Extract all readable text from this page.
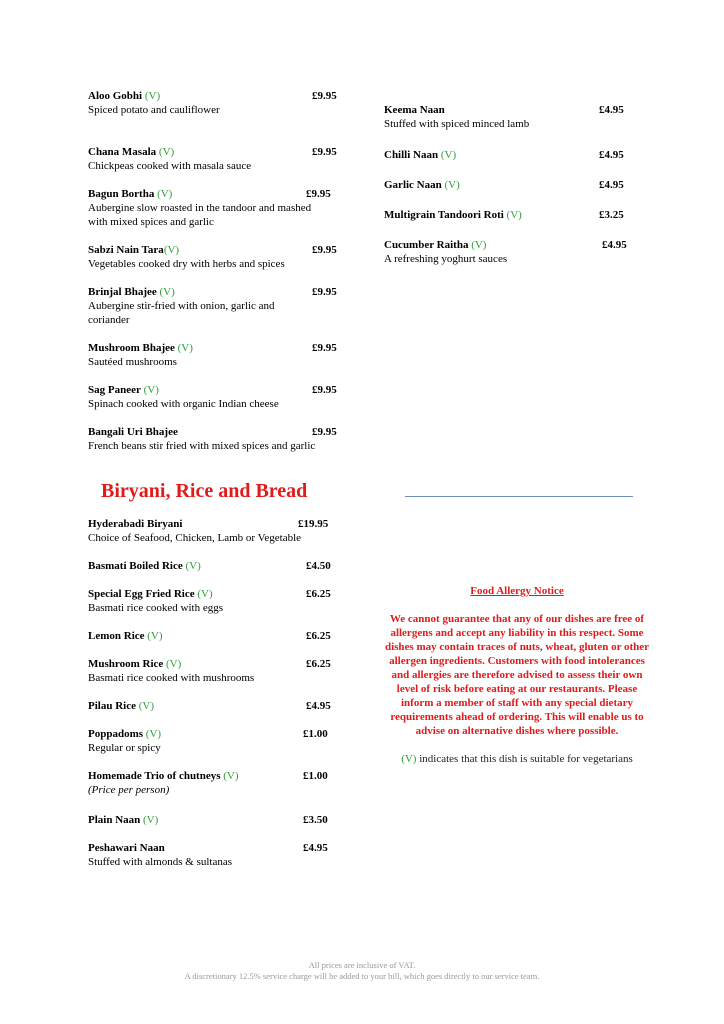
Aloo Gobhi (V)	£9.95
Spiced potato and cauliflower
Chana Masala (V)	£9.95
Chickpeas cooked with masala sauce
Bagun Bortha (V)	£9.95
Aubergine slow roasted in the tandoor and mashed with mixed spices and garlic
Sabzi Nain Tara(V)	£9.95
Vegetables cooked dry with herbs and spices
Brinjal Bhajee (V)	£9.95
Aubergine stir-fried with onion, garlic and coriander
Mushroom Bhajee (V)	£9.95
Sautéed mushrooms
Sag Paneer (V)	£9.95
Spinach cooked with organic Indian cheese
Bangali Uri Bhajee	£9.95
French beans stir fried with mixed spices and garlic
Keema Naan	£4.95
Stuffed with spiced minced lamb
Chilli Naan (V)	£4.95
Garlic Naan (V)	£4.95
Multigrain Tandoori Roti (V)	£3.25
Cucumber Raitha (V)	£4.95
A refreshing yoghurt sauces
Biryani, Rice and Bread
Hyderabadi Biryani	£19.95
Choice of Seafood, Chicken, Lamb or Vegetable
Basmati Boiled Rice (V)	£4.50
Special Egg Fried Rice (V)	£6.25
Basmati rice cooked with eggs
Lemon Rice (V)	£6.25
Mushroom Rice (V)	£6.25
Basmati rice cooked with mushrooms
Pilau Rice (V)	£4.95
Poppadoms (V)	£1.00
Regular or spicy
Homemade Trio of chutneys (V)	£1.00
(Price per person)
Plain Naan (V)	£3.50
Peshawari Naan	£4.95
Stuffed with almonds & sultanas
Food Allergy Notice
We cannot guarantee that any of our dishes are free of allergens and accept any liability in this respect. Some dishes may contain traces of nuts, wheat, gluten or other allergen ingredients. Customers with food intolerances and allergies are therefore advised to assess their own level of risk before eating at our restaurants. Please inform a member of staff with any special dietary requirements ahead of ordering. This will enable us to advise on alternative dishes where possible.
(V) indicates that this dish is suitable for vegetarians
All prices are inclusive of VAT.
A discretionary 12.5% service charge will be added to your bill, which goes directly to our service team.
